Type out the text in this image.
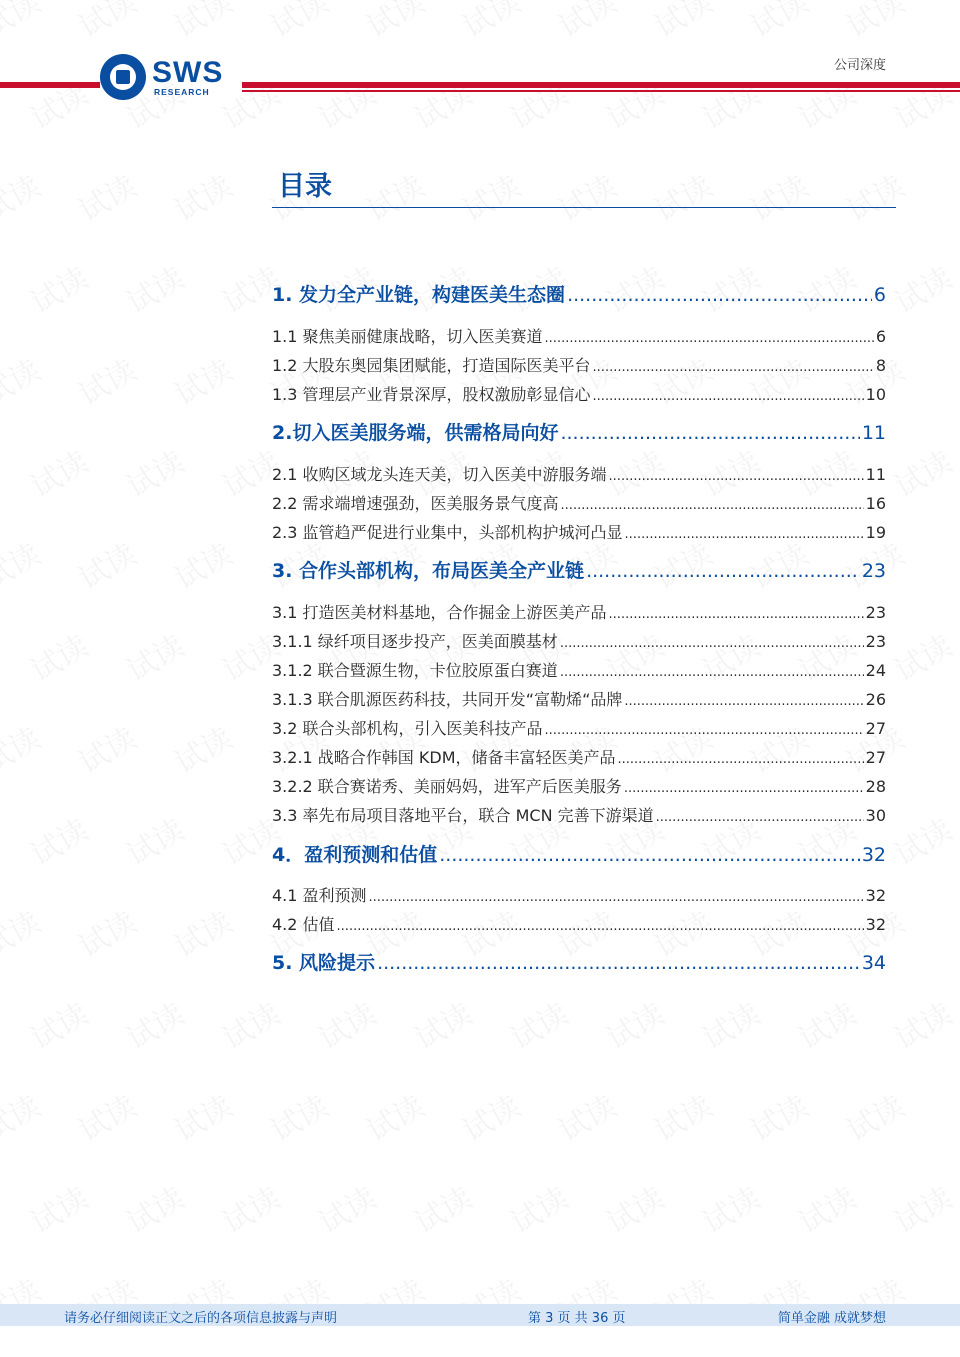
SWS
RESEARCH
公司深度
目录
1. 发力全产业链，构建医美生态圈 .....	6
1.1 聚焦美丽健康战略，切入医美赛道 .....	6
1.2 大股东奥园集团赋能，打造国际医美平台 .....	8
1.3 管理层产业背景深厚，股权激励彰显信心 .....	10
2.切入医美服务端，供需格局向好 .....	11
2.1 收购区域龙头连天美，切入医美中游服务端 .....	11
2.2 需求端增速强劲，医美服务景气度高 .....	16
2.3 监管趋严促进行业集中，头部机构护城河凸显 .....	19
3. 合作头部机构，布局医美全产业链 .....	23
3.1 打造医美材料基地，合作掘金上游医美产品 .....	23
3.1.1 绿纤项目逐步投产，医美面膜基材 .....	23
3.1.2 联合暨源生物，卡位胶原蛋白赛道 .....	24
3.1.3 联合肌源医药科技，共同开发“富勒烯“品牌 .....	26
3.2 联合头部机构，引入医美科技产品 .....	27
3.2.1 战略合作韩国 KDM，储备丰富轻医美产品 .....	27
3.2.2 联合赛诺秀、美丽妈妈，进军产后医美服务 .....	28
3.3 率先布局项目落地平台，联合 MCN 完善下游渠道 .....	30
4．盈利预测和估值 .....	32
4.1 盈利预测 .....	32
4.2 估值 .....	32
5. 风险提示 .....	34
请务必仔细阅读正文之后的各项信息披露与声明	第 3 页 共 36 页	简单金融 成就梦想
